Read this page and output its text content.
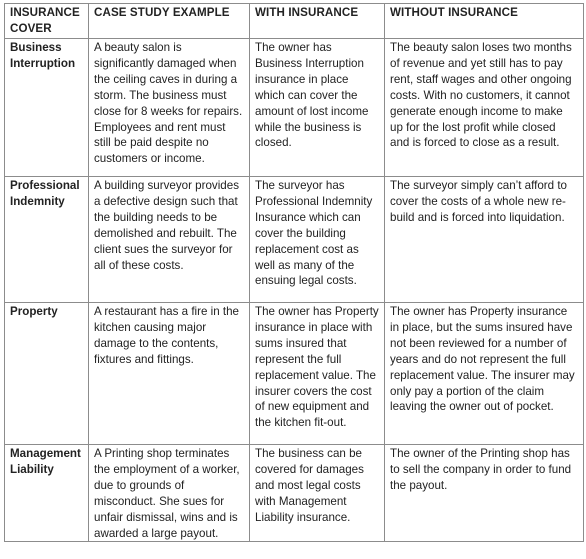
INSURANCE COVER	CASE STUDY EXAMPLE	WITH INSURANCE	WITHOUT INSURANCE
Business Interruption	A beauty salon is significantly damaged when the ceiling caves in during a storm. The business must close for 8 weeks for repairs. Employees and rent must still be paid despite no customers or income.	The owner has Business Interruption insurance in place which can cover the amount of lost income while the business is closed.	The beauty salon loses two months of revenue and yet still has to pay rent, staff wages and other ongoing costs. With no customers, it cannot generate enough income to make up for the lost profit while closed and is forced to close as a result.
Professional Indemnity	A building surveyor provides a defective design such that the building needs to be demolished and rebuilt. The client sues the surveyor for all of these costs.	The surveyor has Professional Indemnity Insurance which can cover the building replacement cost as well as many of the ensuing legal costs.	The surveyor simply can’t afford to cover the costs of a whole new re-build and is forced into liquidation.
Property	A restaurant has a fire in the kitchen causing major damage to the contents, fixtures and fittings.	The owner has Property insurance in place with sums insured that represent the full replacement value. The insurer covers the cost of new equipment and the kitchen fit-out.	The owner has Property insurance in place, but the sums insured have not been reviewed for a number of years and do not represent the full replacement value. The insurer may only pay a portion of the claim leaving the owner out of pocket.
Management Liability	A Printing shop terminates the employment of a worker, due to grounds of misconduct. She sues for unfair dismissal, wins and is awarded a large payout.	The business can be covered for damages and most legal costs with Management Liability insurance.	The owner of the Printing shop has to sell the company in order to fund the payout.
